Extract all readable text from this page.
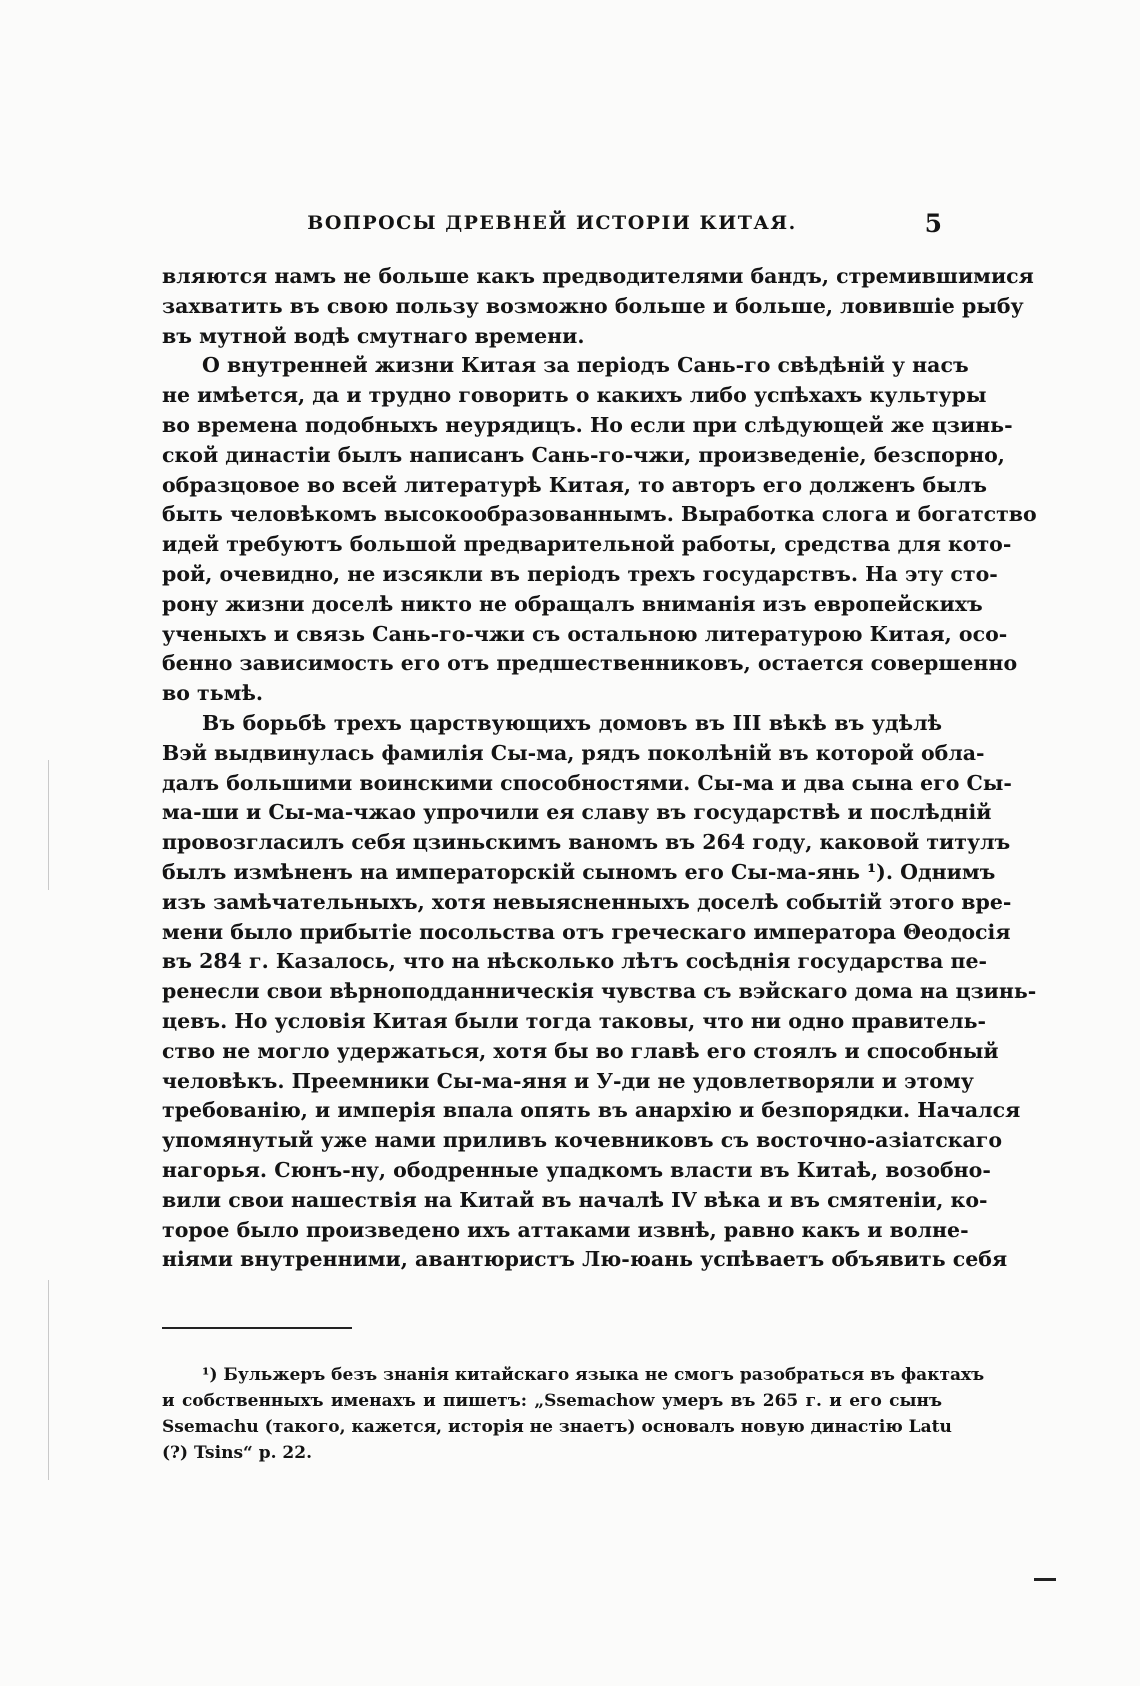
ВОПРОСЫ ДРЕВНЕЙ ИСТОРІИ КИТАЯ.	5
вляются намъ не больше какъ предводителями бандъ, стремившимися
захватить въ свою пользу возможно больше и больше, ловившіе рыбу
въ мутной водѣ смутнаго времени.
О внутренней жизни Китая за періодъ Сань-го свѣдѣній у насъ
не имѣется, да и трудно говорить о какихъ либо успѣхахъ культуры
во времена подобныхъ неурядицъ. Но если при слѣдующей же цзинь-
ской династіи былъ написанъ Сань-го-чжи, произведеніе, безспорно,
образцовое во всей литературѣ Китая, то авторъ его долженъ былъ
быть человѣкомъ высокообразованнымъ. Выработка слога и богатство
идей требуютъ большой предварительной работы, средства для кото-
рой, очевидно, не изсякли въ періодъ трехъ государствъ. На эту сто-
рону жизни доселѣ никто не обращалъ вниманія изъ европейскихъ
ученыхъ и связь Сань-го-чжи съ остальною литературою Китая, осо-
бенно зависимость его отъ предшественниковъ, остается совершенно
во тьмѣ.
Въ борьбѣ трехъ царствующихъ домовъ въ III вѣкѣ въ удѣлѣ
Вэй выдвинулась фамилія Сы-ма, рядъ поколѣній въ которой обла-
далъ большими воинскими способностями. Сы-ма и два сына его Сы-
ма-ши и Сы-ма-чжао упрочили ея славу въ государствѣ и послѣдній
провозгласилъ себя цзиньскимъ ваномъ въ 264 году, каковой титулъ
былъ измѣненъ на императорскій сыномъ его Сы-ма-янь ¹). Однимъ
изъ замѣчательныхъ, хотя невыясненныхъ доселѣ событій этого вре-
мени было прибытіе посольства отъ греческаго императора Θеодосія
въ 284 г. Казалось, что на нѣсколько лѣтъ сосѣднія государства пе-
ренесли свои вѣрноподданническія чувства съ вэйскаго дома на цзинь-
цевъ. Но условія Китая были тогда таковы, что ни одно правитель-
ство не могло удержаться, хотя бы во главѣ его стоялъ и способный
человѣкъ. Преемники Сы-ма-яня и У-ди не удовлетворяли и этому
требованію, и имперія впала опять въ анархію и безпорядки. Начался
упомянутый уже нами приливъ кочевниковъ съ восточно-азіатскаго
нагорья. Сюнъ-ну, ободренные упадкомъ власти въ Китаѣ, возобно-
вили свои нашествія на Китай въ началѣ IV вѣка и въ смятеніи, ко-
торое было произведено ихъ аттаками извнѣ, равно какъ и волне-
ніями внутренними, авантюристъ Лю-юань успѣваетъ объявить себя
¹) Бульжеръ безъ знанія китайскаго языка не смогъ разобраться въ фактахъ
и собственныхъ именахъ и пишетъ: „Ssemachow умеръ въ 265 г. и его сынъ
Ssemachu (такого, кажется, исторія не знаетъ) основалъ новую династію Latu
(?) Tsins“ p. 22.
